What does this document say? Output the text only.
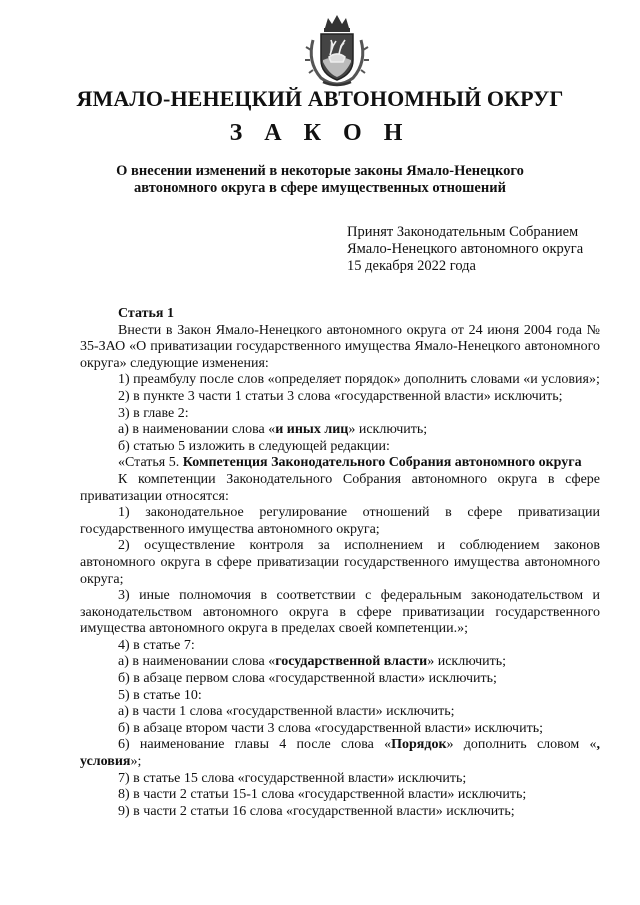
ЯМАЛО-НЕНЕЦКИЙ АВТОНОМНЫЙ ОКРУГ
З А К О Н
О внесении изменений в некоторые законы Ямало-Ненецкого
автономного округа в сфере имущественных отношений
Принят Законодательным Собранием
Ямало-Ненецкого автономного округа
15 декабря 2022 года

Статья 1

Внести в Закон Ямало-Ненецкого автономного округа от 24 июня 2004 года № 35-ЗАО «О приватизации государственного имущества Ямало-Ненецкого автономного округа» следующие изменения:

1) преамбулу после слов «определяет порядок» дополнить словами «и условия»;

2) в пункте 3 части 1 статьи 3 слова «государственной власти» исключить;

3) в главе 2:

а) в наименовании слова «и иных лиц» исключить;

б) статью 5 изложить в следующей редакции:

«Статья 5. Компетенция Законодательного Собрания автономного округа

К компетенции Законодательного Собрания автономного округа в сфере приватизации относятся:

1) законодательное регулирование отношений в сфере приватизации государственного имущества автономного округа;

2) осуществление контроля за исполнением и соблюдением законов автономного округа в сфере приватизации государственного имущества автономного округа;

3) иные полномочия в соответствии с федеральным законодательством и законодательством автономного округа в сфере приватизации государственного имущества автономного округа в пределах своей компетенции.»;

4) в статье 7:

а) в наименовании слова «государственной власти» исключить;

б) в абзаце первом слова «государственной власти» исключить;

5) в статье 10:

а) в части 1 слова «государственной власти» исключить;

б) в абзаце втором части 3 слова «государственной власти» исключить;

6) наименование главы 4 после слова «Порядок» дополнить словом «, условия»;

7) в статье 15 слова «государственной власти» исключить;

8) в части 2 статьи 15-1 слова «государственной власти» исключить;

9) в части 2 статьи 16 слова «государственной власти» исключить;
